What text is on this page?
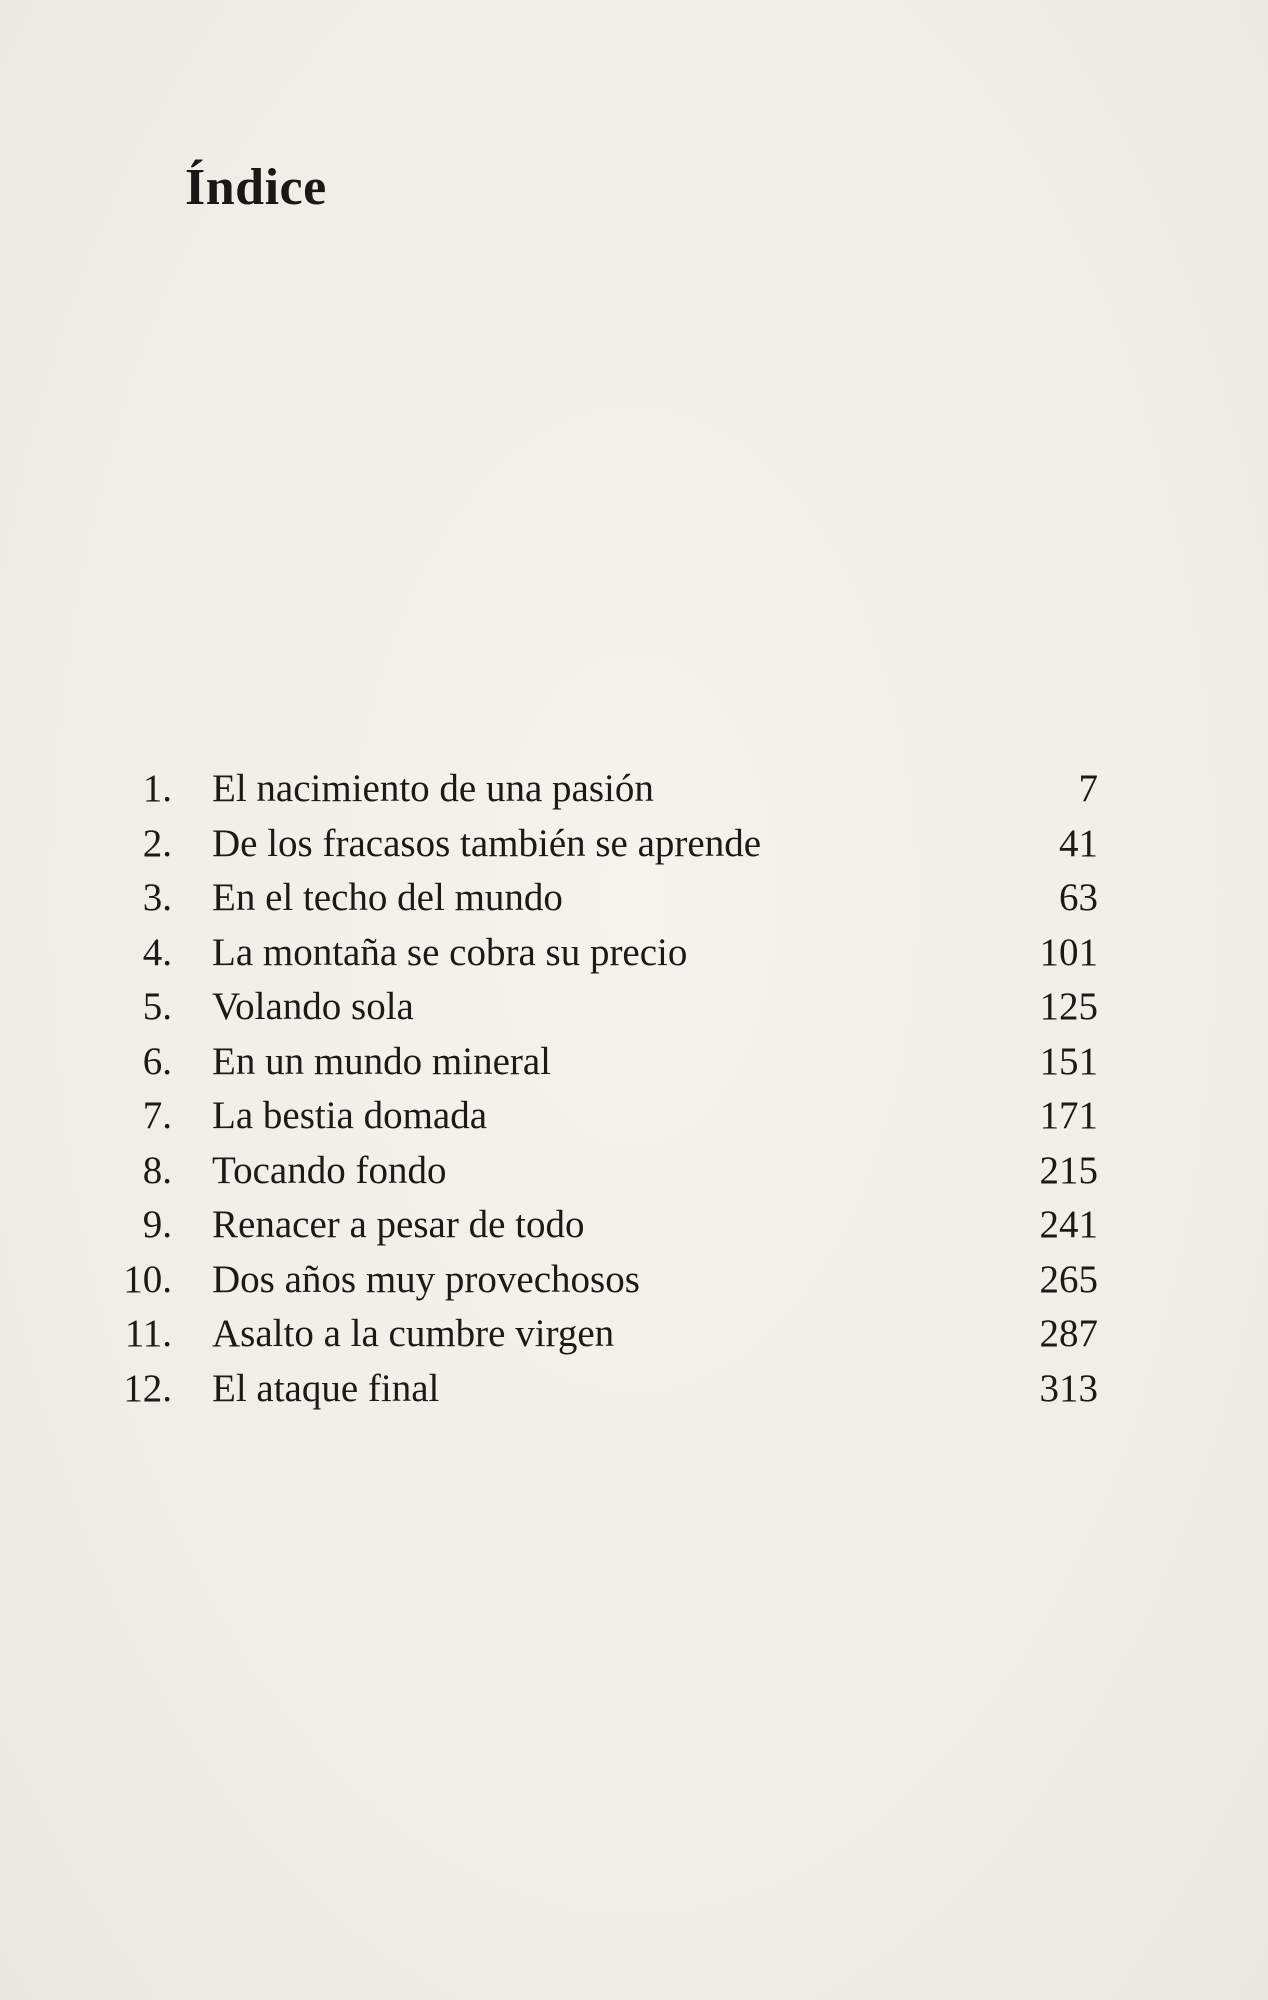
Índice
1.	El nacimiento de una pasión	7
2.	De los fracasos también se aprende	41
3.	En el techo del mundo	63
4.	La montaña se cobra su precio	101
5.	Volando sola	125
6.	En un mundo mineral	151
7.	La bestia domada	171
8.	Tocando fondo	215
9.	Renacer a pesar de todo	241
10.	Dos años muy provechosos	265
11.	Asalto a la cumbre virgen	287
12.	El ataque final	313
